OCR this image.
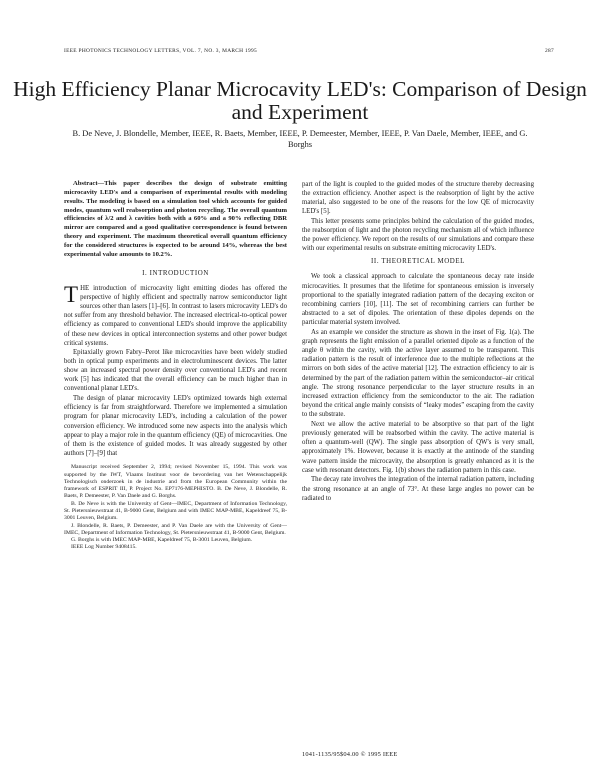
IEEE PHOTONICS TECHNOLOGY LETTERS, VOL. 7, NO. 3, MARCH 1995	287
High Efficiency Planar Microcavity LED's: Comparison of Design and Experiment
B. De Neve, J. Blondelle, Member, IEEE, R. Baets, Member, IEEE, P. Demeester, Member, IEEE, P. Van Daele, Member, IEEE, and G. Borghs

Abstract—This paper describes the design of substrate emitting microcavity LED's and a comparison of experimental results with modeling results. The modeling is based on a simulation tool which accounts for guided modes, quantum well reabsorption and photon recycling. The overall quantum efficiencies of λ/2 and λ cavities both with a 60% and a 90% reflecting DBR mirror are compared and a good qualitative correspondence is found between theory and experiment. The maximum theoretical overall quantum efficiency for the considered structures is expected to be around 14%, whereas the best experimental value amounts to 10.2%.

I. INTRODUCTION

THE introduction of microcavity light emitting diodes has offered the perspective of highly efficient and spectrally narrow semiconductor light sources other than lasers [1]–[6]. In contrast to lasers microcavity LED's do not suffer from any threshold behavior. The increased electrical-to-optical power efficiency as compared to conventional LED's should improve the applicability of these new devices in optical interconnection systems and other power budget critical systems.

Epitaxially grown Fabry–Perot like microcavities have been widely studied both in optical pump experiments and in electroluminescent devices. The latter show an increased spectral power density over conventional LED's and recent work [5] has indicated that the overall efficiency can be much higher than in conventional planar LED's.

The design of planar microcavity LED's optimized towards high external efficiency is far from straightforward. Therefore we implemented a simulation program for planar microcavity LED's, including a calculation of the power conversion efficiency. We introduced some new aspects into the analysis which appear to play a major role in the quantum efficiency (QE) of microcavities. One of them is the existence of guided modes. It was already suggested by other authors [7]–[9] that

Manuscript received September 2, 1994; revised November 15, 1994. This work was supported by the IWT, Vlaams Instituut voor de bevordering van het Wetenschappelijk Technologisch onderzoek in de industrie and from the European Community within the framework of ESPRIT III, P. Project No. EP7176-MEPHISTO. B. De Neve, J. Blondelle, R. Baets, P. Demeester, P. Van Daele and G. Borghs.

B. De Neve is with the University of Gent—IMEC, Department of Information Technology, St. Pietersnieuwstraat 41, B-9000 Gent, Belgium and with IMEC MAP-MBE, Kapeldreef 75, B-3001 Leuven, Belgium.

J. Blondelle, R. Baets, P. Demeester, and P. Van Daele are with the University of Gent—IMEC, Department of Information Technology, St. Pietersnieuwstraat 41, B-9000 Gent, Belgium.

G. Borghs is with IMEC MAP-MBE, Kapeldreef 75, B-3001 Leuven, Belgium.

IEEE Log Number 9408415.

part of the light is coupled to the guided modes of the structure thereby decreasing the extraction efficiency. Another aspect is the reabsorption of light by the active material, also suggested to be one of the reasons for the low QE of microcavity LED's [5].

This letter presents some principles behind the calculation of the guided modes, the reabsorption of light and the photon recycling mechanism all of which influence the power efficiency. We report on the results of our simulations and compare these with our experimental results on substrate emitting microcavity LED's.

II. THEORETICAL MODEL

We took a classical approach to calculate the spontaneous decay rate inside microcavities. It presumes that the lifetime for spontaneous emission is inversely proportional to the spatially integrated radiation pattern of the decaying exciton or recombining carriers [10], [11]. The set of recombining carriers can further be abstracted to a set of dipoles. The orientation of these dipoles depends on the particular material system involved.

As an example we consider the structure as shown in the inset of Fig. 1(a). The graph represents the light emission of a parallel oriented dipole as a function of the angle θ within the cavity, with the active layer assumed to be transparent. This radiation pattern is the result of interference due to the multiple reflections at the mirrors on both sides of the active material [12]. The extraction efficiency to air is determined by the part of the radiation pattern within the semiconductor–air critical angle. The strong resonance perpendicular to the layer structure results in an increased extraction efficiency from the semiconductor to the air. The radiation beyond the critical angle mainly consists of “leaky modes” escaping from the cavity to the substrate.

Next we allow the active material to be absorptive so that part of the light previously generated will be reabsorbed within the cavity. The active material is often a quantum-well (QW). The single pass absorption of QW's is very small, approximately 1%. However, because it is exactly at the antinode of the standing wave pattern inside the microcavity, the absorption is greatly enhanced as it is the case with resonant detectors. Fig. 1(b) shows the radiation pattern in this case.

The decay rate involves the integration of the internal radiation pattern, including the strong resonance at an angle of 73°. At these large angles no power can be radiated to

1041-1135/95$04.00 © 1995 IEEE
